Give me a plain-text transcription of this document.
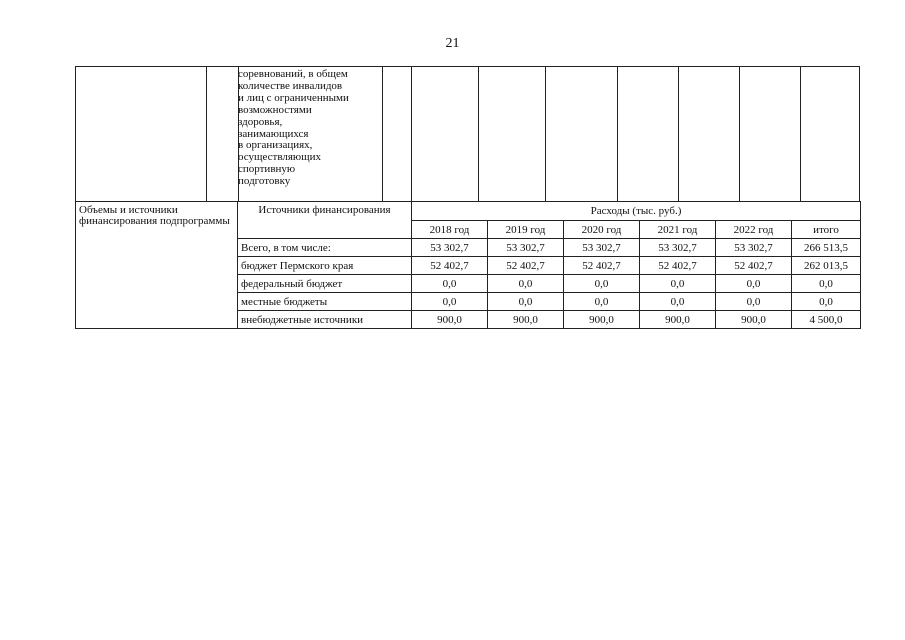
21
соревнований, в общем
количестве инвалидов
и лиц с ограниченными
возможностями
здоровья,
занимающихся
в организациях,
осуществляющих
спортивную
подготовку
Объемы и источники финансирования подпрограммы	Источники финансирования	Расходы (тыс. руб.)					
		2018 год	2019 год	2020 год	2021 год	2022 год	итого
	Всего, в том числе:	53 302,7	53 302,7	53 302,7	53 302,7	53 302,7	266 513,5
	бюджет Пермского края	52 402,7	52 402,7	52 402,7	52 402,7	52 402,7	262 013,5
	федеральный бюджет	0,0	0,0	0,0	0,0	0,0	0,0
	местные бюджеты	0,0	0,0	0,0	0,0	0,0	0,0
	внебюджетные источники	900,0	900,0	900,0	900,0	900,0	4 500,0
